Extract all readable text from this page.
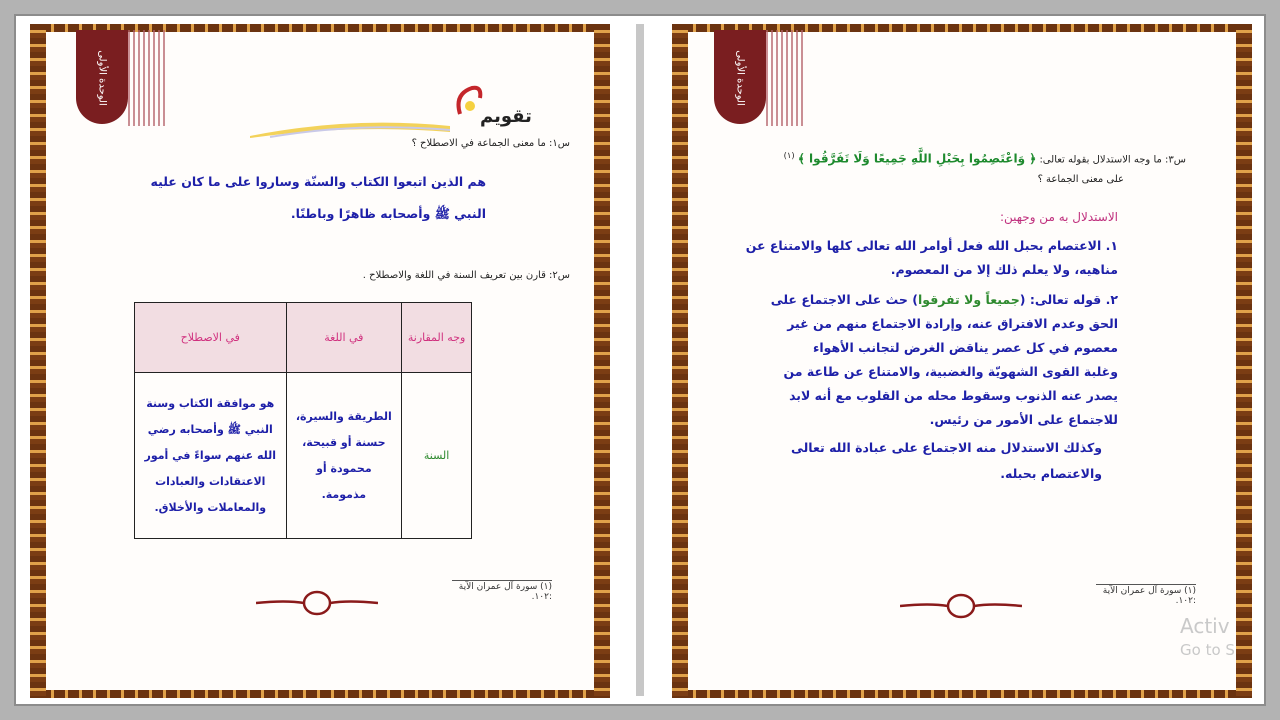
الوحدة الأولى
تقويم
س١: ما معنى الجماعة في الاصطلاح ؟
هم الذين اتبعوا الكتاب والسنّة وساروا على ما كان عليه
النبي ﷺ وأصحابه ظاهرًا وباطنًا.
س٢: قارن بين تعريف السنة في اللغة والاصطلاح .
وجه المقارنة	في اللغة	في الاصطلاح
السنة	الطريقة والسيرة، حسنة أو قبيحة، محمودة أو مذمومة.	هو موافقة الكتاب وسنة النبي ﷺ وأصحابه رضي الله عنهم سواءً في أمور الاعتقادات والعبادات والمعاملات والأخلاق.
(١) سورة آل عمران الآية :١٠٢.
الوحدة الأولى
س٣: ما وجه الاستدلال بقوله تعالى: ﴿ وَاعْتَصِمُوا بِحَبْلِ اللَّهِ جَمِيعًا وَلَا تَفَرَّقُوا ﴾ $^{(١)}$
على معنى الجماعة ؟
الاستدلال به من وجهين:
١. الاعتصام بحبل الله فعل أوامر الله تعالى كلها والامتناع عن
مناهيه، ولا يعلم ذلك إلا من المعصوم.
٢. قوله تعالى: (جميعاً ولا تفرقوا) حث على الاجتماع على
الحق وعدم الافتراق عنه، وإرادة الاجتماع منهم من غير
معصوم في كل عصر يناقض الغرض لتجانب الأهواء
وغلبة القوى الشهويّة والغضبية، والامتناع عن طاعة من
يصدر عنه الذنوب وسقوط محله من القلوب مع أنه لابد
للاجتماع على الأمور من رئيس.
وكذلك الاستدلال منه الاجتماع على عبادة الله تعالى
والاعتصام بحبله.
(١) سورة آل عمران الآية :١٠٢.
Activ
Go to S
